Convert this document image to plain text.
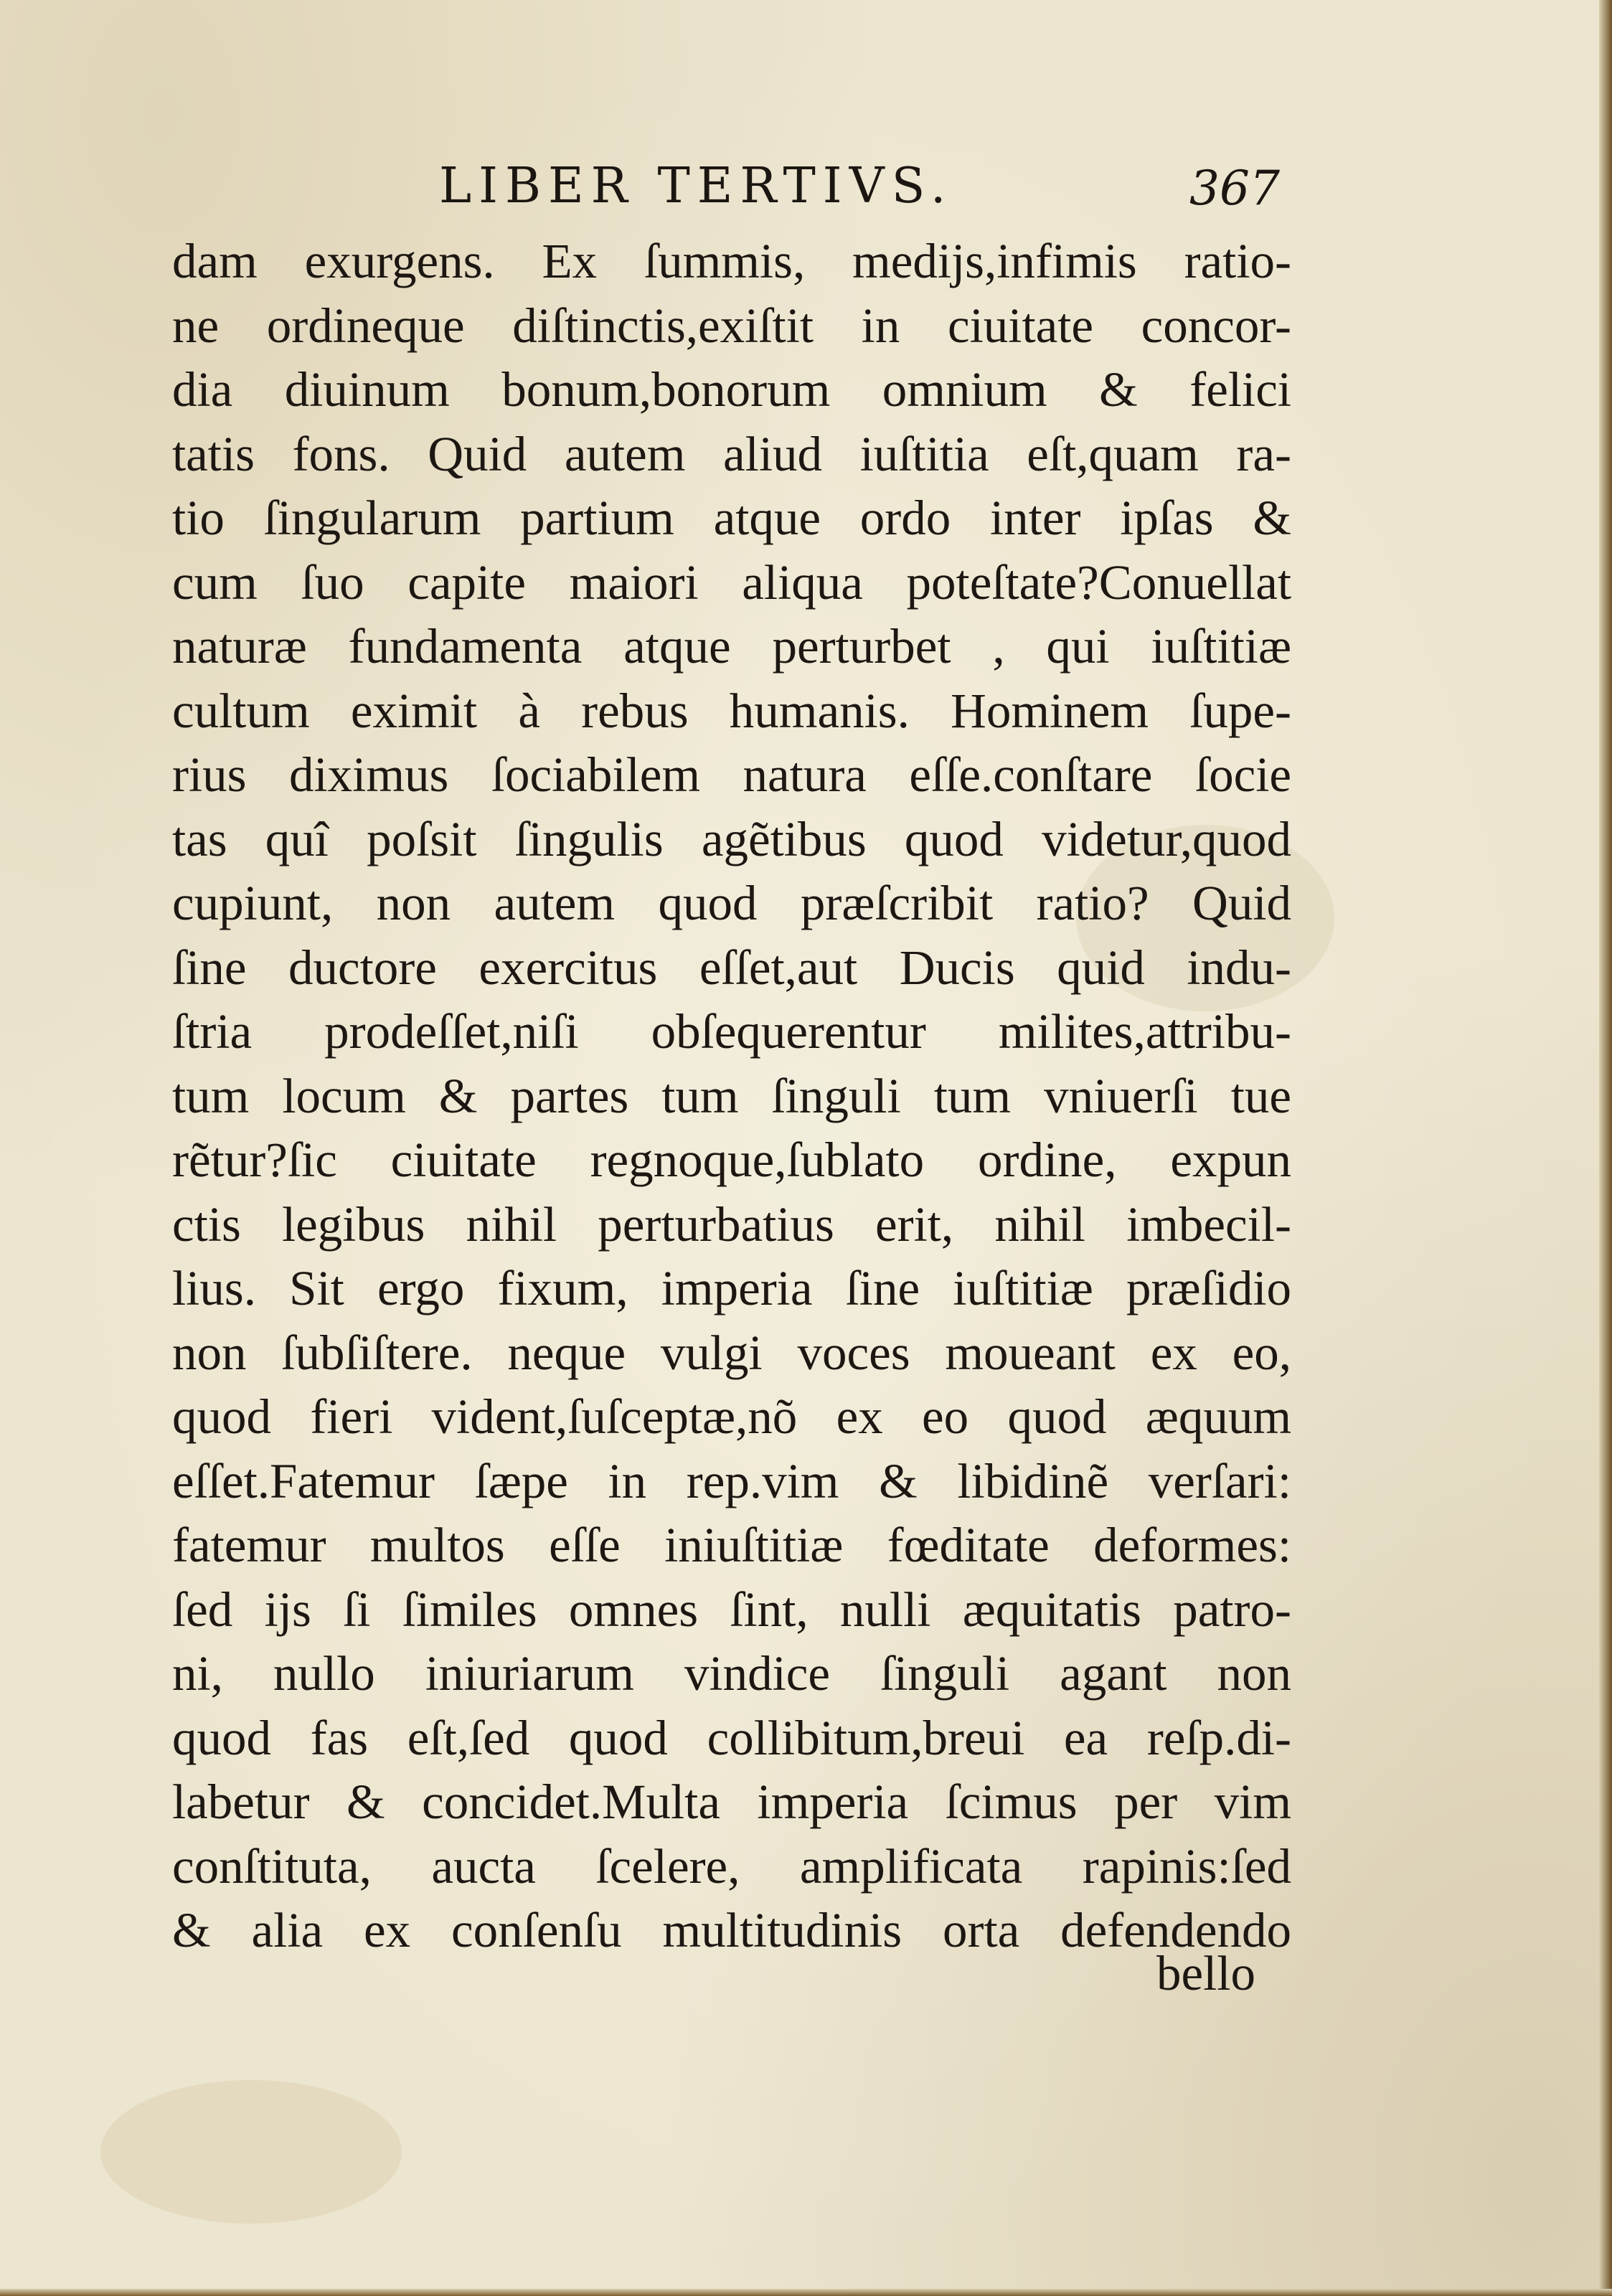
LIBER TERTIVS.	367
dam exurgens. Ex ſummis, medijs,infimis ratio-
ne ordineque diſtinctis,exiſtit in ciuitate concor-
dia diuinum bonum,bonorum omnium & felici
tatis fons. Quid autem aliud iuſtitia eſt,quam ra-
tio ſingularum partium atque ordo inter ipſas &
cum ſuo capite maiori aliqua poteſtate?Conuellat
naturæ fundamenta atque perturbet , qui iuſtitiæ
cultum eximit à rebus humanis. Hominem ſupe-
rius diximus ſociabilem natura eſſe.conſtare ſocie
tas quî poſsit ſingulis agẽtibus quod videtur,quod
cupiunt, non autem quod præſcribit ratio? Quid
ſine ductore exercitus eſſet,aut Ducis quid indu-
ſtria prodeſſet,niſi obſequerentur milites,attribu-
tum locum & partes tum ſinguli tum vniuerſi tue
rẽtur?ſic ciuitate regnoque,ſublato ordine, expun
ctis legibus nihil perturbatius erit, nihil imbecil-
lius. Sit ergo fixum, imperia ſine iuſtitiæ præſidio
non ſubſiſtere. neque vulgi voces moueant ex eo,
quod fieri vident,ſuſceptæ,nõ ex eo quod æquum
eſſet.Fatemur ſæpe in rep.vim & libidinẽ verſari:
fatemur multos eſſe iniuſtitiæ fœditate deformes:
ſed ijs ſi ſimiles omnes ſint, nulli æquitatis patro-
ni, nullo iniuriarum vindice ſinguli agant non
quod fas eſt,ſed quod collibitum,breui ea reſp.di-
labetur & concidet.Multa imperia ſcimus per vim
conſtituta, aucta ſcelere, amplificata rapinis:ſed
& alia ex conſenſu multitudinis orta defendendo
bello
